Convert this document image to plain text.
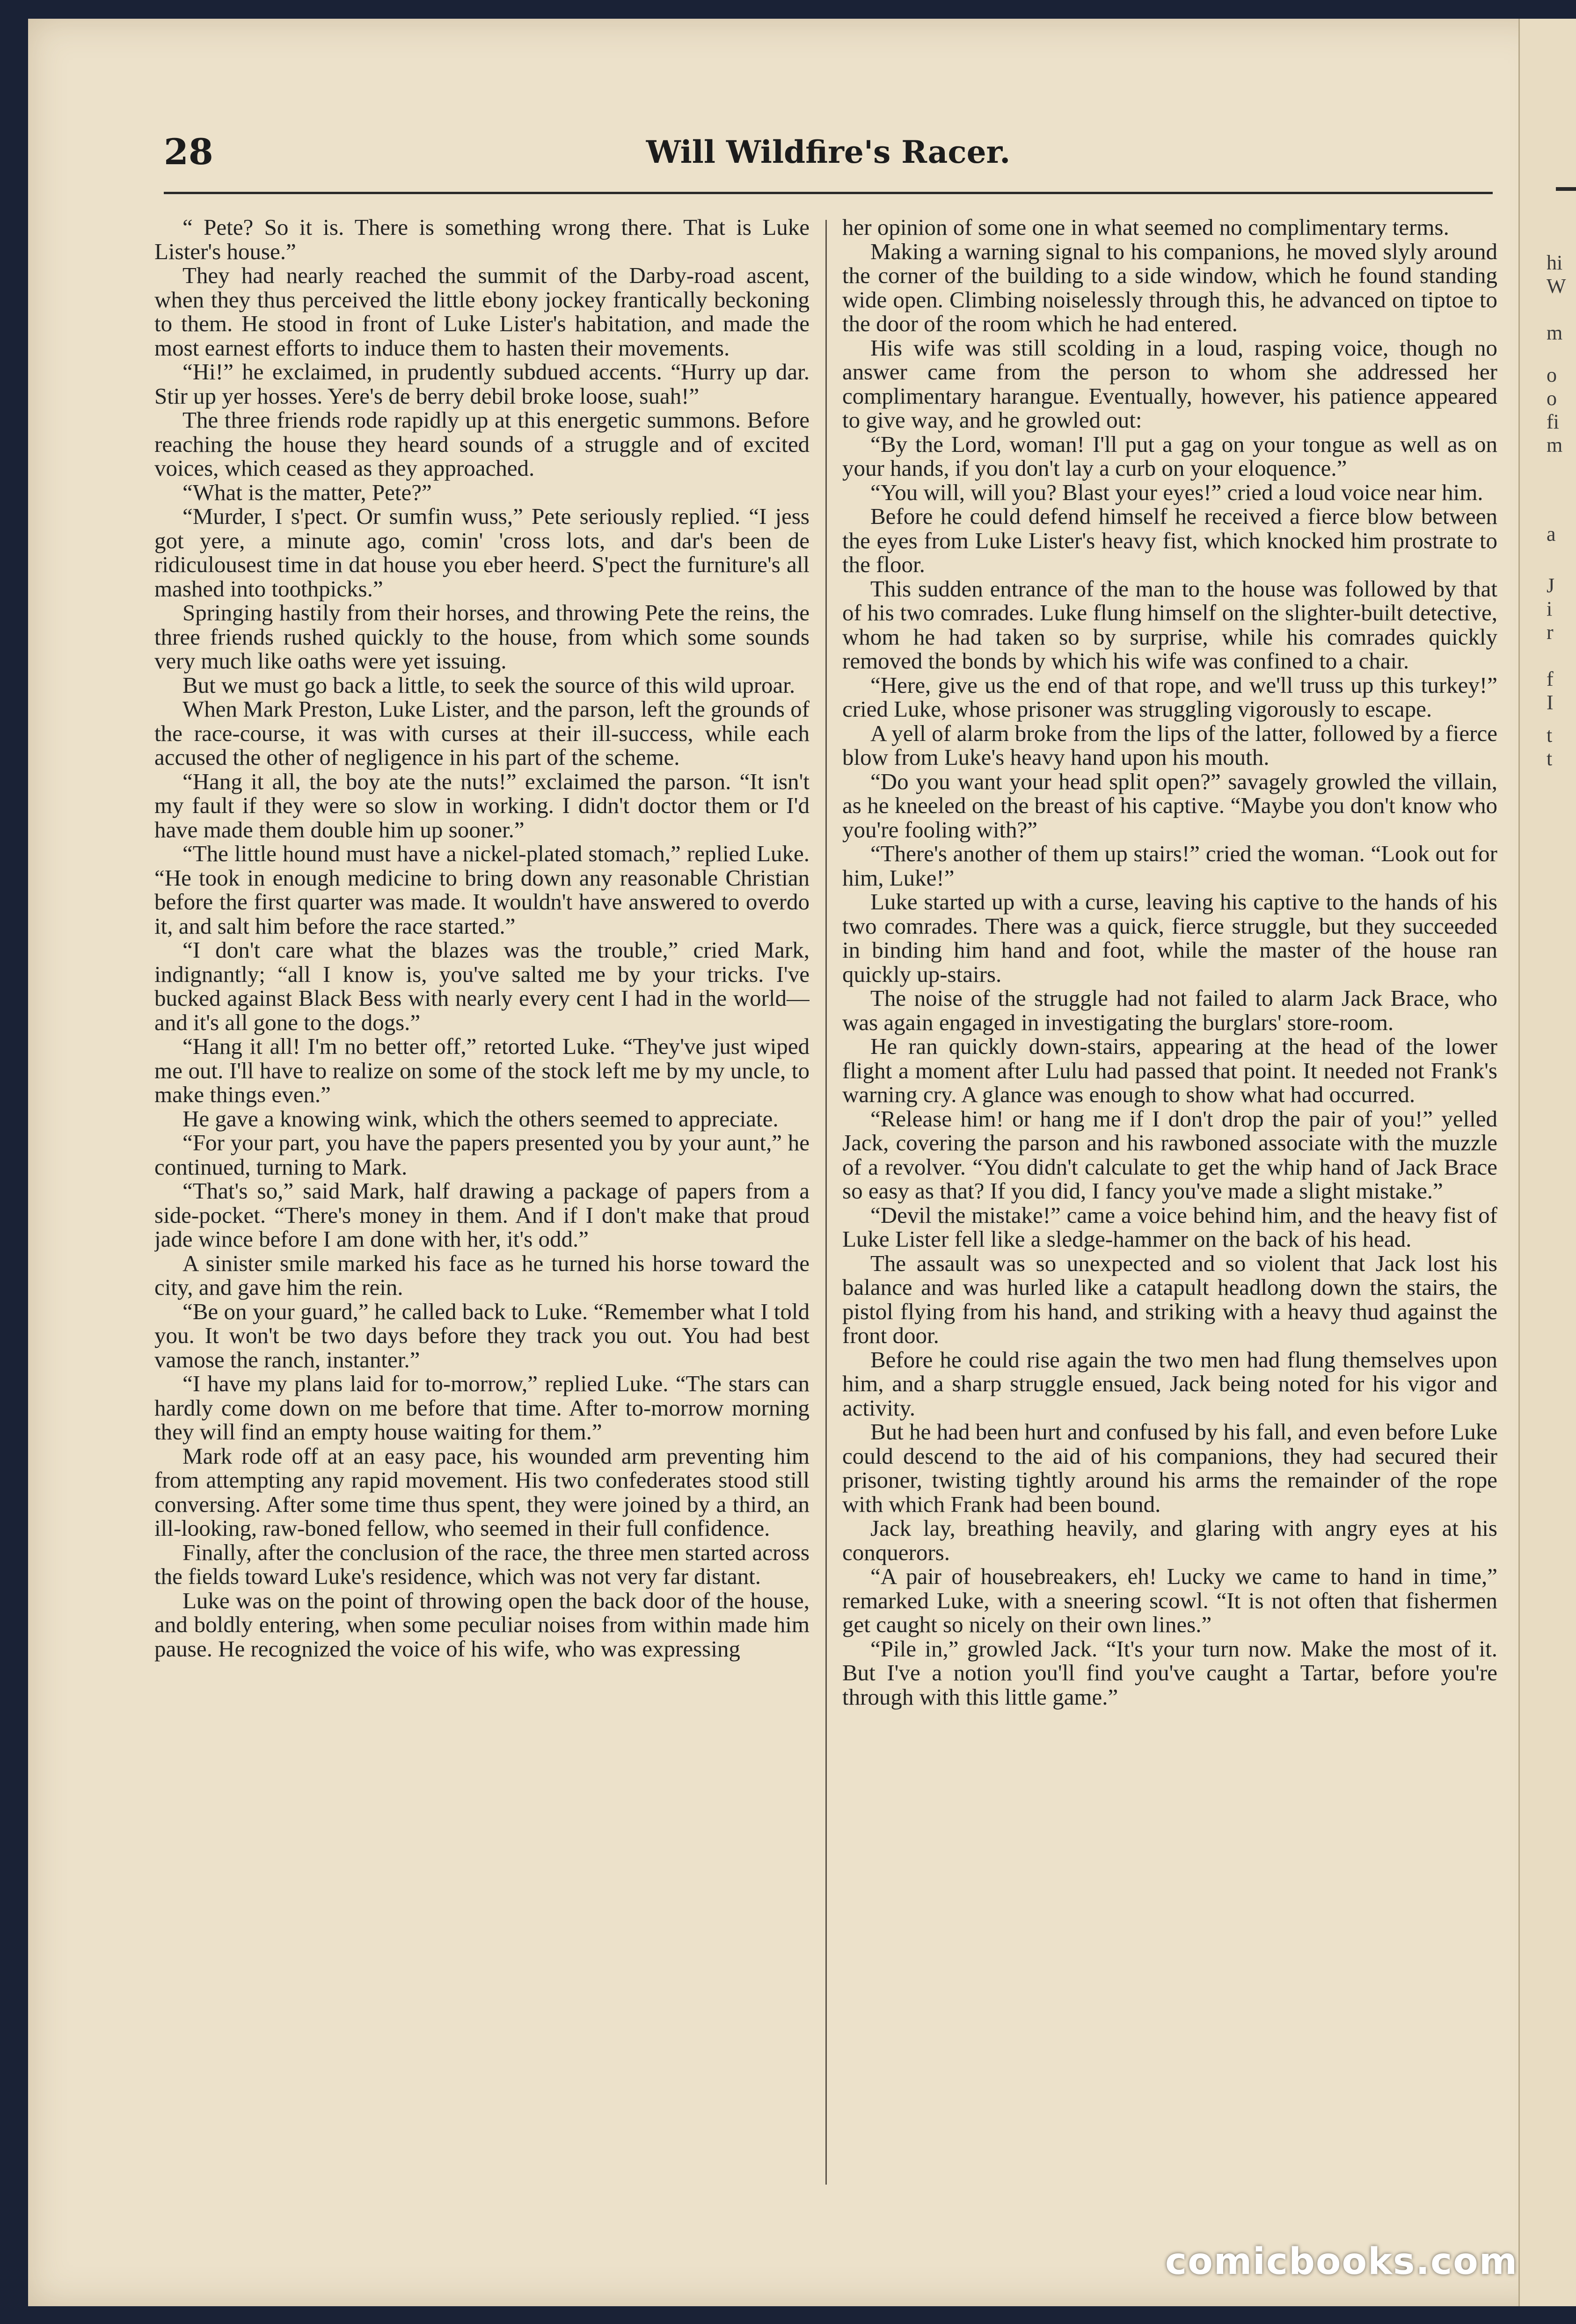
hi
W
m
o
o
fi
m
a
J
i
r
f
I
t
t
28	Will Wildfire's Racer.

“ Pete? So it is. There is something wrong there. That is Luke Lister's house.”

They had nearly reached the summit of the Darby-road ascent, when they thus perceived the little ebony jockey frantically beckoning to them. He stood in front of Luke Lister's habitation, and made the most earnest efforts to induce them to hasten their movements.

“Hi!” he exclaimed, in prudently subdued accents. “Hurry up dar. Stir up yer hosses. Yere's de berry debil broke loose, suah!”

The three friends rode rapidly up at this energetic summons. Before reaching the house they heard sounds of a struggle and of excited voices, which ceased as they approached.

“What is the matter, Pete?”

“Murder, I s'pect. Or sumfin wuss,” Pete seriously replied. “I jess got yere, a minute ago, comin' 'cross lots, and dar's been de ridiculousest time in dat house you eber heerd. S'pect the furniture's all mashed into toothpicks.”

Springing hastily from their horses, and throwing Pete the reins, the three friends rushed quickly to the house, from which some sounds very much like oaths were yet issuing.

But we must go back a little, to seek the source of this wild uproar.

When Mark Preston, Luke Lister, and the parson, left the grounds of the race-course, it was with curses at their ill-success, while each accused the other of negligence in his part of the scheme.

“Hang it all, the boy ate the nuts!” exclaimed the parson. “It isn't my fault if they were so slow in working. I didn't doctor them or I'd have made them double him up sooner.”

“The little hound must have a nickel-plated stomach,” replied Luke. “He took in enough medicine to bring down any reasonable Christian before the first quarter was made. It wouldn't have answered to overdo it, and salt him before the race started.”

“I don't care what the blazes was the trouble,” cried Mark, indignantly; “all I know is, you've salted me by your tricks. I've bucked against Black Bess with nearly every cent I had in the world—and it's all gone to the dogs.”

“Hang it all! I'm no better off,” retorted Luke. “They've just wiped me out. I'll have to realize on some of the stock left me by my uncle, to make things even.”

He gave a knowing wink, which the others seemed to appreciate.

“For your part, you have the papers presented you by your aunt,” he continued, turning to Mark.

“That's so,” said Mark, half drawing a package of papers from a side-pocket. “There's money in them. And if I don't make that proud jade wince before I am done with her, it's odd.”

A sinister smile marked his face as he turned his horse toward the city, and gave him the rein.

“Be on your guard,” he called back to Luke. “Remember what I told you. It won't be two days before they track you out. You had best vamose the ranch, instanter.”

“I have my plans laid for to-morrow,” replied Luke. “The stars can hardly come down on me before that time. After to-morrow morning they will find an empty house waiting for them.”

Mark rode off at an easy pace, his wounded arm preventing him from attempting any rapid movement. His two confederates stood still conversing. After some time thus spent, they were joined by a third, an ill-looking, raw-boned fellow, who seemed in their full confidence.

Finally, after the conclusion of the race, the three men started across the fields toward Luke's residence, which was not very far distant.

Luke was on the point of throwing open the back door of the house, and boldly entering, when some peculiar noises from within made him pause. He recognized the voice of his wife, who was expressing

her opinion of some one in what seemed no complimentary terms.

Making a warning signal to his companions, he moved slyly around the corner of the building to a side window, which he found standing wide open. Climbing noiselessly through this, he advanced on tiptoe to the door of the room which he had entered.

His wife was still scolding in a loud, rasping voice, though no answer came from the person to whom she addressed her complimentary harangue. Eventually, however, his patience appeared to give way, and he growled out:

“By the Lord, woman! I'll put a gag on your tongue as well as on your hands, if you don't lay a curb on your eloquence.”

“You will, will you? Blast your eyes!” cried a loud voice near him.

Before he could defend himself he received a fierce blow between the eyes from Luke Lister's heavy fist, which knocked him prostrate to the floor.

This sudden entrance of the man to the house was followed by that of his two comrades. Luke flung himself on the slighter-built detective, whom he had taken so by surprise, while his comrades quickly removed the bonds by which his wife was confined to a chair.

“Here, give us the end of that rope, and we'll truss up this turkey!” cried Luke, whose prisoner was struggling vigorously to escape.

A yell of alarm broke from the lips of the latter, followed by a fierce blow from Luke's heavy hand upon his mouth.

“Do you want your head split open?” savagely growled the villain, as he kneeled on the breast of his captive. “Maybe you don't know who you're fooling with?”

“There's another of them up stairs!” cried the woman. “Look out for him, Luke!”

Luke started up with a curse, leaving his captive to the hands of his two comrades. There was a quick, fierce struggle, but they succeeded in binding him hand and foot, while the master of the house ran quickly up-stairs.

The noise of the struggle had not failed to alarm Jack Brace, who was again engaged in investigating the burglars' store-room.

He ran quickly down-stairs, appearing at the head of the lower flight a moment after Lulu had passed that point. It needed not Frank's warning cry. A glance was enough to show what had occurred.

“Release him! or hang me if I don't drop the pair of you!” yelled Jack, covering the parson and his rawboned associate with the muzzle of a revolver. “You didn't calculate to get the whip hand of Jack Brace so easy as that? If you did, I fancy you've made a slight mistake.”

“Devil the mistake!” came a voice behind him, and the heavy fist of Luke Lister fell like a sledge-hammer on the back of his head.

The assault was so unexpected and so violent that Jack lost his balance and was hurled like a catapult headlong down the stairs, the pistol flying from his hand, and striking with a heavy thud against the front door.

Before he could rise again the two men had flung themselves upon him, and a sharp struggle ensued, Jack being noted for his vigor and activity.

But he had been hurt and confused by his fall, and even before Luke could descend to the aid of his companions, they had secured their prisoner, twisting tightly around his arms the remainder of the rope with which Frank had been bound.

Jack lay, breathing heavily, and glaring with angry eyes at his conquerors.

“A pair of housebreakers, eh! Lucky we came to hand in time,” remarked Luke, with a sneering scowl. “It is not often that fishermen get caught so nicely on their own lines.”

“Pile in,” growled Jack. “It's your turn now. Make the most of it. But I've a notion you'll find you've caught a Tartar, before you're through with this little game.”

comicbooks.com
